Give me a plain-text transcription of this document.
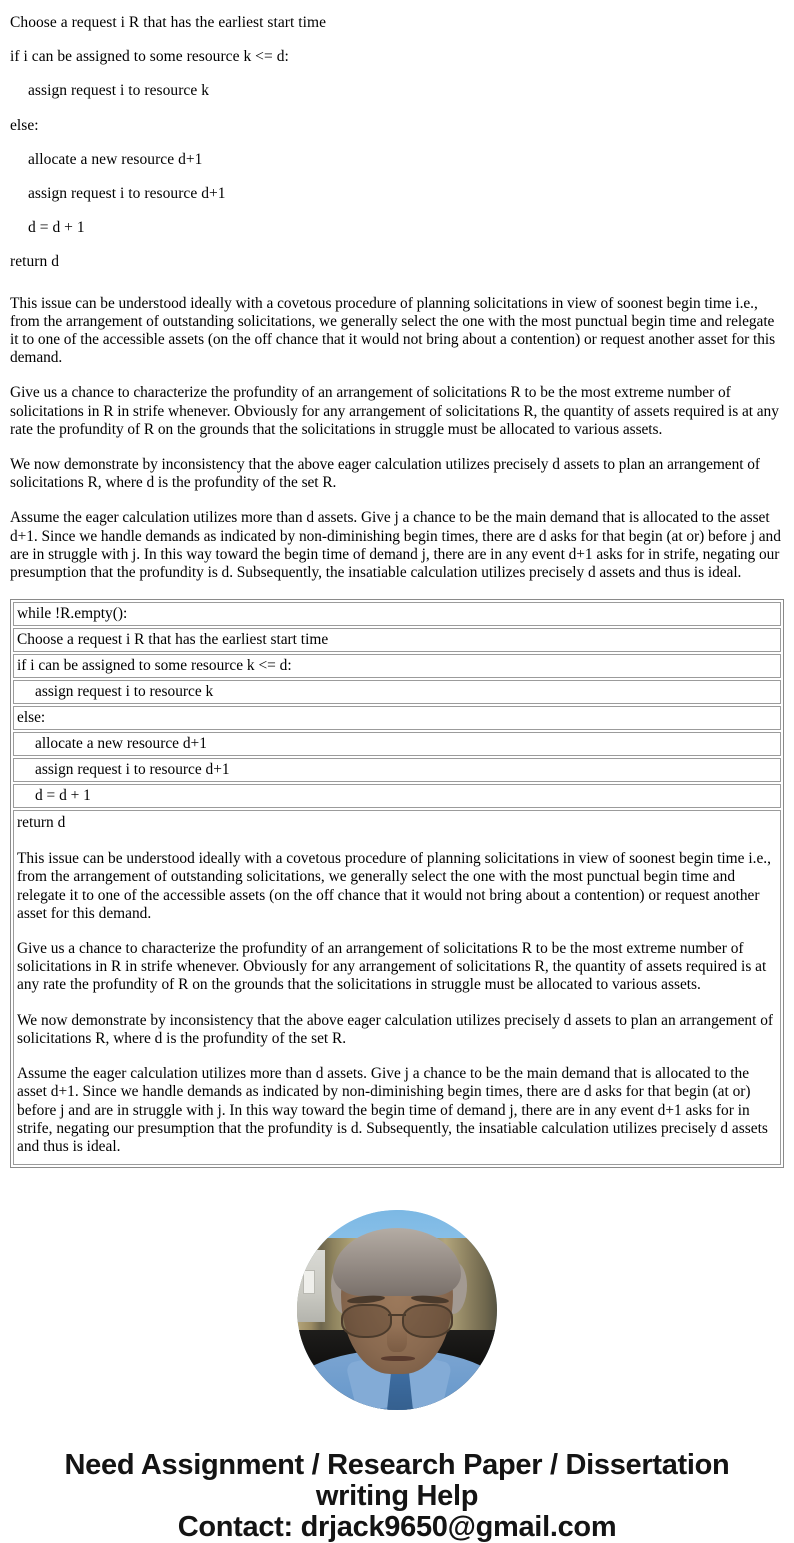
Choose a request i R that has the earliest start time
if i can be assigned to some resource k <= d:
assign request i to resource k
else:
allocate a new resource d+1
assign request i to resource d+1
d = d + 1
return d

This issue can be understood ideally with a covetous procedure of planning solicitations in view of soonest begin time i.e., from the arrangement of outstanding solicitations, we generally select the one with the most punctual begin time and relegate it to one of the accessible assets (on the off chance that it would not bring about a contention) or request another asset for this demand.

Give us a chance to characterize the profundity of an arrangement of solicitations R to be the most extreme number of solicitations in R in strife whenever. Obviously for any arrangement of solicitations R, the quantity of assets required is at any rate the profundity of R on the grounds that the solicitations in struggle must be allocated to various assets.

We now demonstrate by inconsistency that the above eager calculation utilizes precisely d assets to plan an arrangement of solicitations R, where d is the profundity of the set R.

Assume the eager calculation utilizes more than d assets. Give j a chance to be the main demand that is allocated to the asset d+1. Since we handle demands as indicated by non-diminishing begin times, there are d asks for that begin (at or) before j and are in struggle with j. In this way toward the begin time of demand j, there are in any event d+1 asks for in strife, negating our presumption that the profundity is d. Subsequently, the insatiable calculation utilizes precisely d assets and thus is ideal.

while !R.empty():
Choose a request i R that has the earliest start time
if i can be assigned to some resource k <= d:
assign request i to resource k
else:
allocate a new resource d+1
assign request i to resource d+1
d = d + 1

return d

This issue can be understood ideally with a covetous procedure of planning solicitations in view of soonest begin time i.e., from the arrangement of outstanding solicitations, we generally select the one with the most punctual begin time and relegate it to one of the accessible assets (on the off chance that it would not bring about a contention) or request another asset for this demand.

Give us a chance to characterize the profundity of an arrangement of solicitations R to be the most extreme number of solicitations in R in strife whenever. Obviously for any arrangement of solicitations R, the quantity of assets required is at any rate the profundity of R on the grounds that the solicitations in struggle must be allocated to various assets.

We now demonstrate by inconsistency that the above eager calculation utilizes precisely d assets to plan an arrangement of solicitations R, where d is the profundity of the set R.

Assume the eager calculation utilizes more than d assets. Give j a chance to be the main demand that is allocated to the asset d+1. Since we handle demands as indicated by non-diminishing begin times, there are d asks for that begin (at or) before j and are in struggle with j. In this way toward the begin time of demand j, there are in any event d+1 asks for in strife, negating our presumption that the profundity is d. Subsequently, the insatiable calculation utilizes precisely d assets and thus is ideal.

Need Assignment / Research Paper / Dissertation
writing Help
Contact: drjack9650@gmail.com
